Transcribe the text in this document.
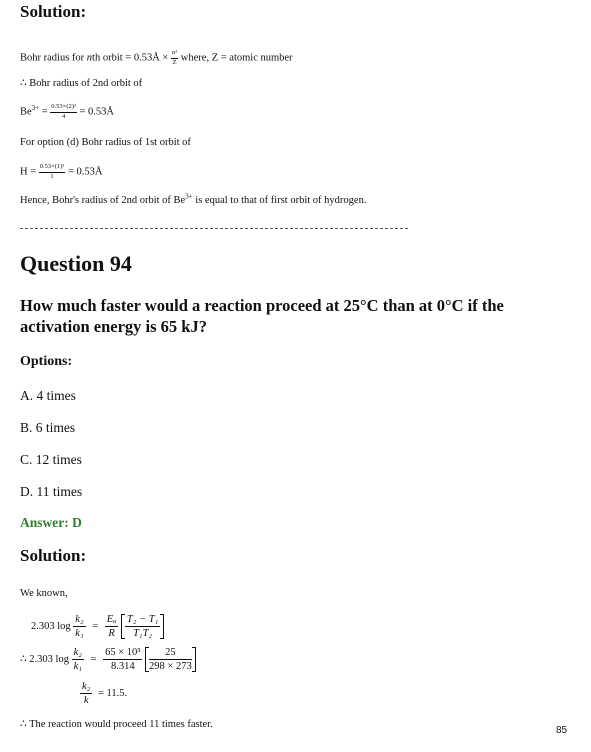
Solution:
Bohr radius for nth orbit = 0.53Å × $\frac{\text{n²}}{Z}$ where, Z = atomic number
∴ Bohr radius of 2nd orbit of
$Be^{3+} = \frac{\text{0.53×(2)²}}{4}$ = 0.53Å
For option (d) Bohr radius of 1st orbit of
$H = \frac{\text{0.53×(1)²}}{1}$ = 0.53Å
Hence, Bohr's radius of 2nd orbit of $Be^{3+}$ is equal to that of first orbit of hydrogen.
Question 94
How much faster would a reaction proceed at 25°C than at 0°C if the activation energy is 65 kJ?
Options:
A. 4 times
B. 6 times
C. 12 times
D. 11 times
Answer: D
Solution:
We known,
2.303 $\log \frac{\text{k₂}}{\text{k₁}} = \frac{\text{Eₐ}}{R}$
$\frac{\text{T₂ − T₁}}{\text{T₁T₂}}$
∴ 2.303 $\log \frac{\text{k₂}}{\text{k₁}} = \frac{\text{65 × 10³}}{8.314}$
$\frac{25}{298 \times 273}$
$\frac{\text{k₂}}{k} = 11.5$.
∴ The reaction would proceed 11 times faster.
85
